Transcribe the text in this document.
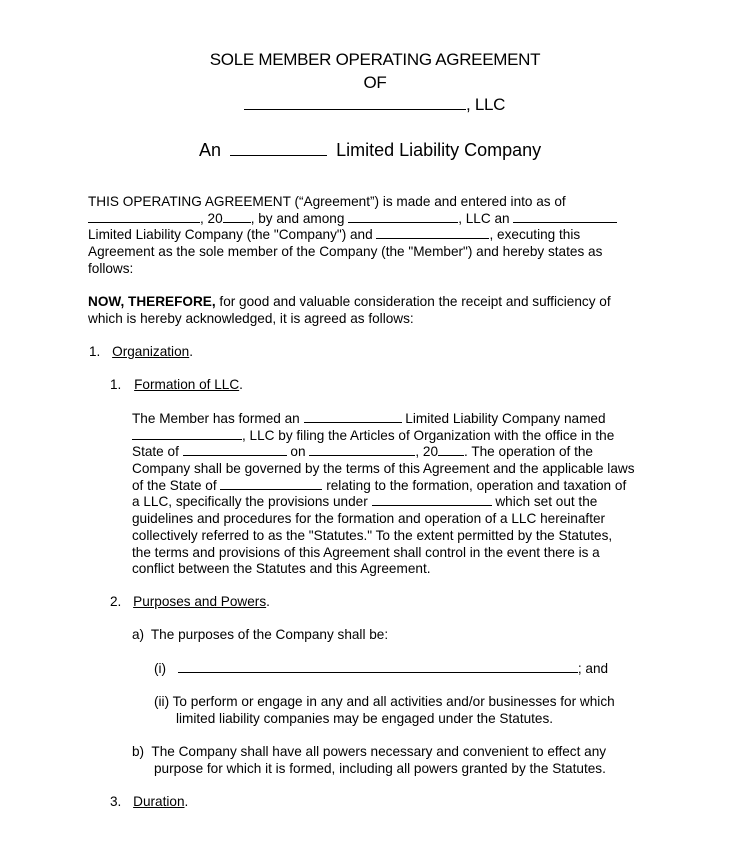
SOLE MEMBER OPERATING AGREEMENT
OF
, LLC
An	Limited Liability Company
THIS OPERATING AGREEMENT (“Agreement”) is made and entered into as of
, 20 , by and among	, LLC an
Limited Liability Company (the "Company") and	, executing this
Agreement as the sole member of the Company (the "Member") and hereby states as
follows:
NOW, THEREFORE, for good and valuable consideration the receipt and sufficiency of
which is hereby acknowledged, it is agreed as follows:
1. Organization.
1. Formation of LLC.
The Member has formed an	Limited Liability Company named
, LLC by filing the Articles of Organization with the office in the
State of	on	, 20 . The operation of the
Company shall be governed by the terms of this Agreement and the applicable laws
of the State of	relating to the formation, operation and taxation of
a LLC, specifically the provisions under	which set out the
guidelines and procedures for the formation and operation of a LLC hereinafter
collectively referred to as the "Statutes." To the extent permitted by the Statutes,
the terms and provisions of this Agreement shall control in the event there is a
conflict between the Statutes and this Agreement.
2. Purposes and Powers.
a) The purposes of the Company shall be:
(i)	; and
(ii) To perform or engage in any and all activities and/or businesses for which
limited liability companies may be engaged under the Statutes.
b) The Company shall have all powers necessary and convenient to effect any
purpose for which it is formed, including all powers granted by the Statutes.
3. Duration.
